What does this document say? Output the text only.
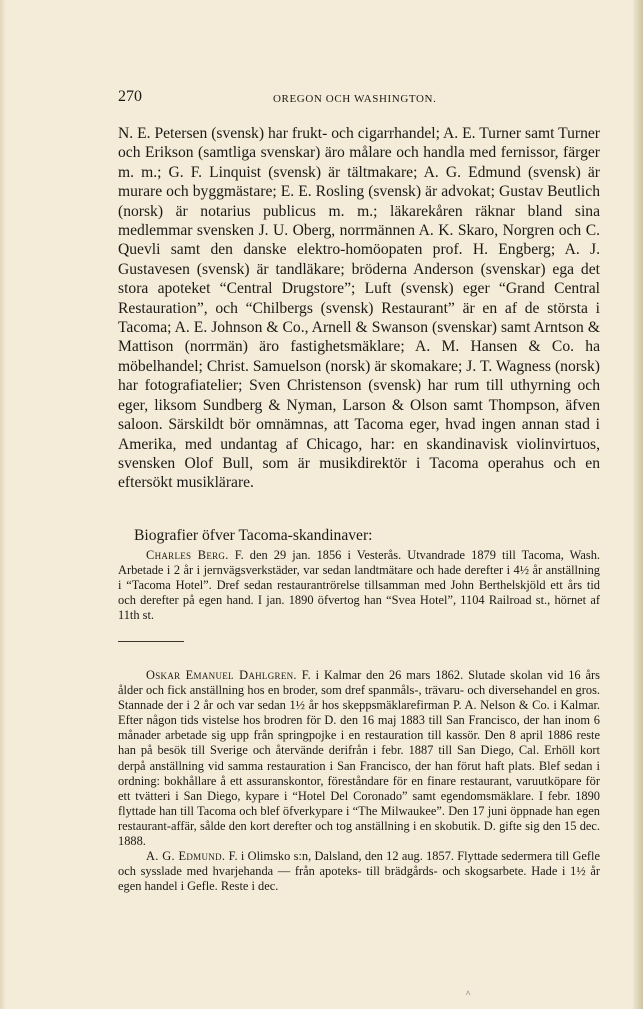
270	OREGON OCH WASHINGTON.

N. E. Petersen (svensk) har frukt- och cigarrhandel; A. E. Turner samt Turner och Erikson (samtliga svenskar) äro målare och handla med fernissor, färger m. m.; G. F. Linquist (svensk) är tältmakare; A. G. Edmund (svensk) är murare och byggmästare; E. E. Rosling (svensk) är advokat; Gustav Beutlich (norsk) är notarius publicus m. m.; läkarekåren räknar bland sina medlemmar svensken J. U. Oberg, norrmännen A. K. Skaro, Norgren och C. Quevli samt den danske elektro-homöopaten prof. H. Engberg; A. J. Gustavesen (svensk) är tandläkare; bröderna Anderson (svenskar) ega det stora apoteket “Central Drugstore”; Luft (svensk) eger “Grand Central Restauration”, och “Chilbergs (svensk) Restaurant” är en af de största i Tacoma; A. E. Johnson & Co., Arnell & Swanson (svenskar) samt Arntson & Mattison (norrmän) äro fastighetsmäklare; A. M. Hansen & Co. ha möbelhandel; Christ. Samuelson (norsk) är skomakare; J. T. Wagness (norsk) har fotografiatelier; Sven Christenson (svensk) har rum till uthyrning och eger, liksom Sundberg & Nyman, Larson & Olson samt Thompson, äfven saloon. Särskildt bör omnämnas, att Tacoma eger, hvad ingen annan stad i Amerika, med undantag af Chicago, har: en skandinavisk violinvirtuos, svensken Olof Bull, som är musikdirektör i Tacoma operahus och en eftersökt musiklärare.

Biografier öfver Tacoma-skandinaver:

Charles Berg. F. den 29 jan. 1856 i Vesterås. Utvandrade 1879 till Tacoma, Wash. Arbetade i 2 år i jernvägsverkstäder, var sedan landtmätare och hade derefter i 4½ år anställning i “Tacoma Hotel”. Dref sedan restaurantrörelse tillsamman med John Berthelskjöld ett års tid och derefter på egen hand. I jan. 1890 öfvertog han “Svea Hotel”, 1104 Railroad st., hörnet af 11th st.

Oskar Emanuel Dahlgren. F. i Kalmar den 26 mars 1862. Slutade skolan vid 16 års ålder och fick anställning hos en broder, som dref spanmåls-, trävaru- och diversehandel en gros. Stannade der i 2 år och var sedan 1½ år hos skeppsmäklarefirman P. A. Nelson & Co. i Kalmar. Efter någon tids vistelse hos brodren för D. den 16 maj 1883 till San Francisco, der han inom 6 månader arbetade sig upp från springpojke i en restauration till kassör. Den 8 april 1886 reste han på besök till Sverige och återvände derifrån i febr. 1887 till San Diego, Cal. Erhöll kort derpå anställning vid samma restauration i San Francisco, der han förut haft plats. Blef sedan i ordning: bokhållare å ett assuranskontor, föreståndare för en finare restaurant, varuutköpare för ett tvätteri i San Diego, kypare i “Hotel Del Coronado” samt egendomsmäklare. I febr. 1890 flyttade han till Tacoma och blef öfverkypare i “The Milwaukee”. Den 17 juni öppnade han egen restaurant-affär, sålde den kort derefter och tog anställning i en skobutik. D. gifte sig den 15 dec. 1888.

A. G. Edmund. F. i Olimsko s:n, Dalsland, den 12 aug. 1857. Flyttade sedermera till Gefle och sysslade med hvarjehanda — från apoteks- till brädgårds- och skogsarbete. Hade i 1½ år egen handel i Gefle. Reste i dec.

^
